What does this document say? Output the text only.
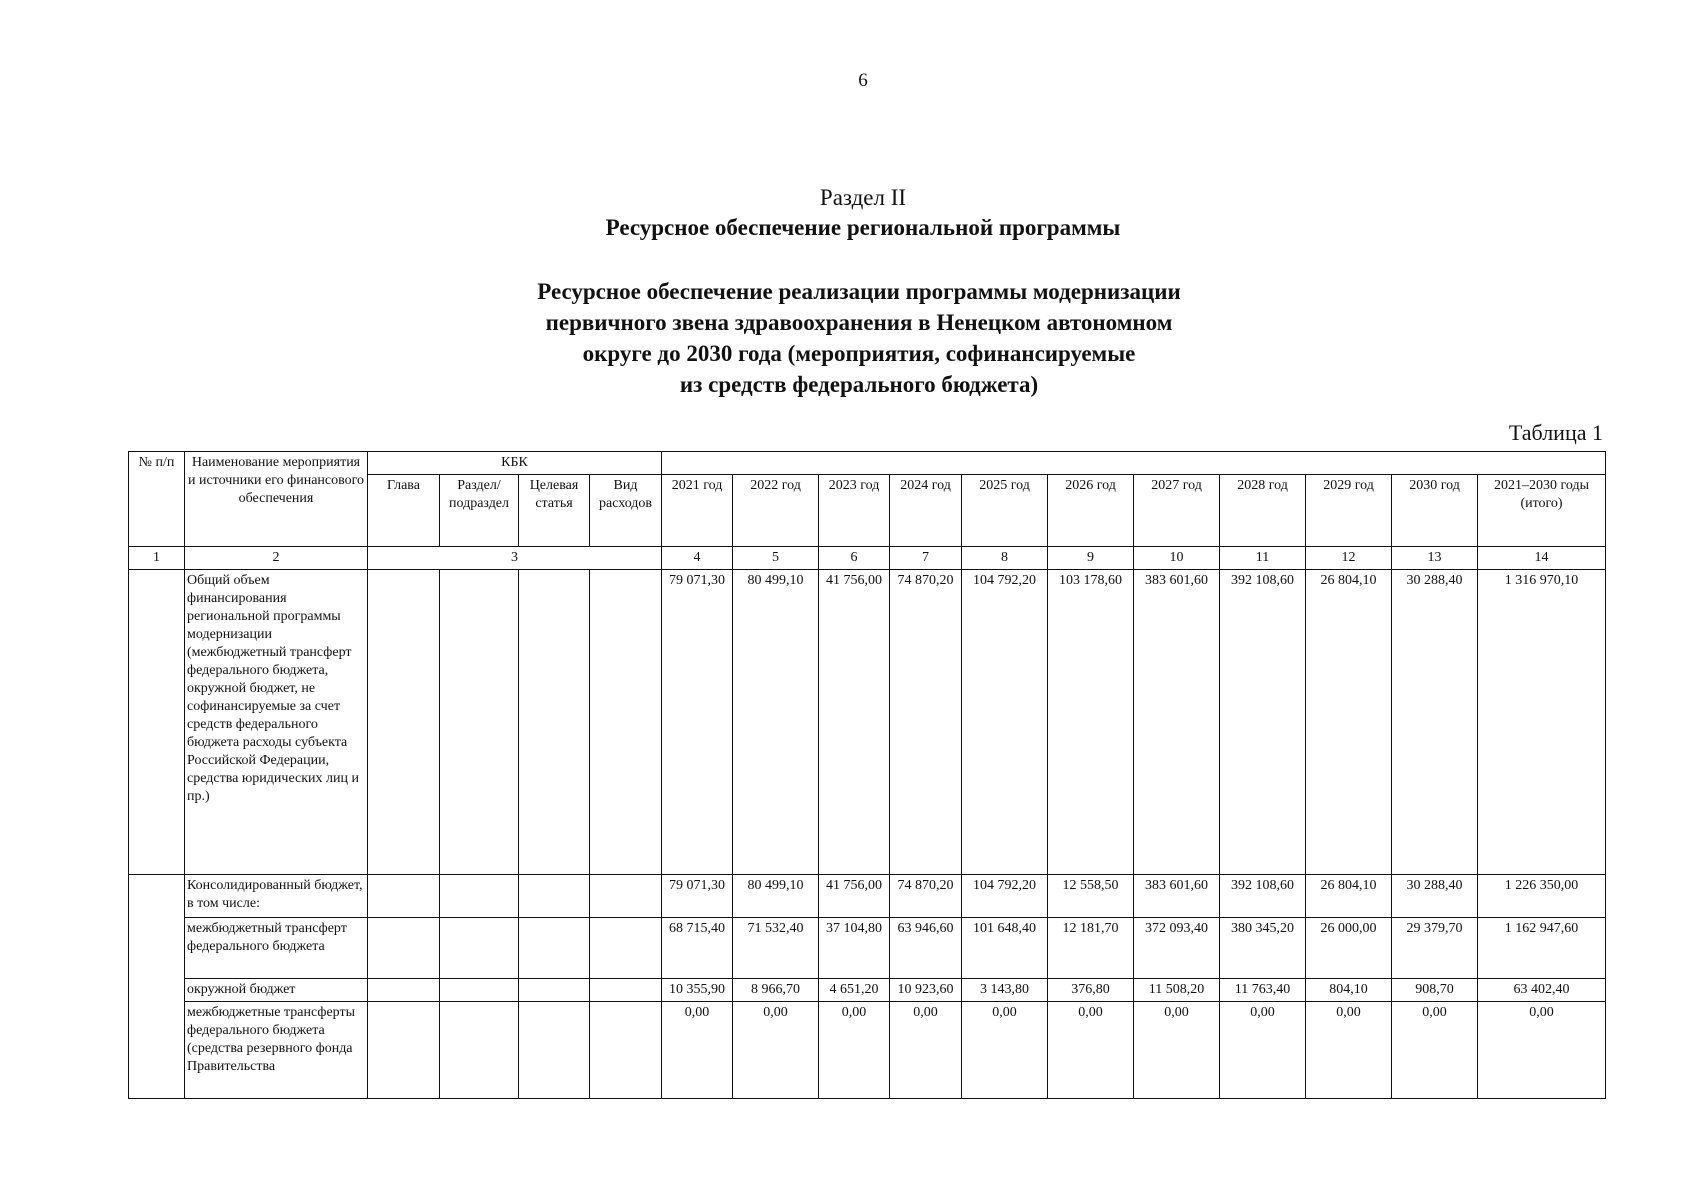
6
Раздел II
Ресурсное обеспечение региональной программы
Ресурсное обеспечение реализации программы модернизации
первичного звена здравоохранения в Ненецком автономном
округе до 2030 года (мероприятия, софинансируемые
из средств федерального бюджета)
Таблица 1
№ п/п	Наименование мероприятия и источники его финансового обеспечения	КБК														
		Глава	Раздел/ подраздел	Целевая статья	Вид расходов	2021 год	2022 год	2023 год	2024 год	2025 год	2026 год	2027 год	2028 год	2029 год	2030 год	2021–2030 годы (итого)
1	2	3				4	5	6	7	8	9	10	11	12	13	14
	Общий объем финансирования региональной программы модернизации (межбюджетный трансферт федерального бюджета, окружной бюджет, не софинансируемые за счет средств федерального бюджета расходы субъекта Российской Федерации, средства юридических лиц и пр.)					79 071,30	80 499,10	41 756,00	74 870,20	104 792,20	103 178,60	383 601,60	392 108,60	26 804,10	30 288,40	1 316 970,10
	Консолидированный бюджет, в том числе:					79 071,30	80 499,10	41 756,00	74 870,20	104 792,20	12 558,50	383 601,60	392 108,60	26 804,10	30 288,40	1 226 350,00
	межбюджетный трансферт федерального бюджета					68 715,40	71 532,40	37 104,80	63 946,60	101 648,40	12 181,70	372 093,40	380 345,20	26 000,00	29 379,70	1 162 947,60
	окружной бюджет					10 355,90	8 966,70	4 651,20	10 923,60	3 143,80	376,80	11 508,20	11 763,40	804,10	908,70	63 402,40
	межбюджетные трансферты федерального бюджета (средства резервного фонда Правительства					0,00	0,00	0,00	0,00	0,00	0,00	0,00	0,00	0,00	0,00	0,00
